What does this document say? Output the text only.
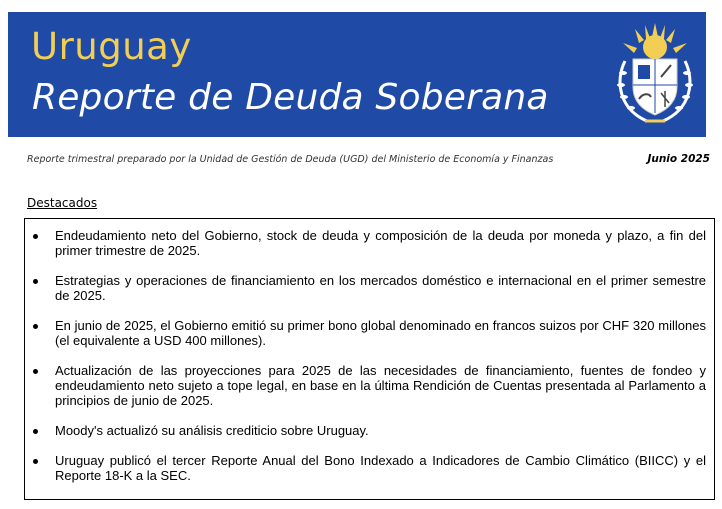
Uruguay
Reporte de Deuda Soberana
Reporte trimestral preparado por la Unidad de Gestión de Deuda (UGD) del Ministerio de Economía y Finanzas	Junio 2025
Destacados
Endeudamiento neto del Gobierno, stock de deuda y composición de la deuda por moneda y plazo, a fin del primer trimestre de 2025.
Estrategias y operaciones de financiamiento en los mercados doméstico e internacional en el primer semestre de 2025.
En junio de 2025, el Gobierno emitió su primer bono global denominado en francos suizos por CHF 320 millones (el equivalente a USD 400 millones).
Actualización de las proyecciones para 2025 de las necesidades de financiamiento, fuentes de fondeo y endeudamiento neto sujeto a tope legal, en base en la última Rendición de Cuentas presentada al Parlamento a principios de junio de 2025.
Moody's actualizó su análisis crediticio sobre Uruguay.
Uruguay publicó el tercer Reporte Anual del Bono Indexado a Indicadores de Cambio Climático (BIICC) y el Reporte 18-K a la SEC.
